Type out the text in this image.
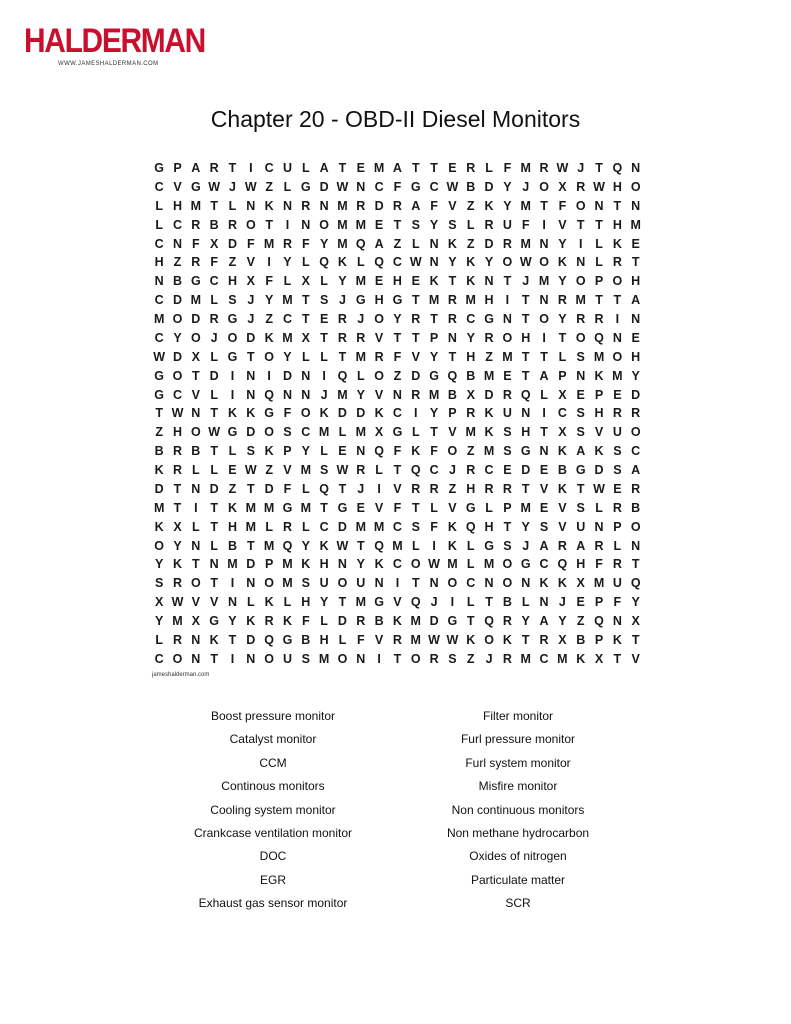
HALDERMAN
WWW.JAMESHALDERMAN.COM
Chapter 20 - OBD-II Diesel Monitors
G P A R T	I C U L A T E M A T T E R L F M R W J T Q N
C V G W J W Z L G D W N C F G C W B D Y J O X R W H O
L H M T L N K N R N M R D R A F V Z K Y M T F O N T N
L C R B R O T	I N O M M E T S Y S L R U F	I V T T H M
C N F X D F M R F Y M Q A Z L N K Z D R M N Y I	L K E
H Z R F Z V I Y L Q K L Q C W N Y K Y O W O K N L R T
N B G C H X F L X L Y M E H E K T K N T J M Y O P O H
C D M L S J Y M T S J G H G T M R M H I	T N R M T T A
M O D R G J Z C T E R J O Y R T R C G N T O Y R R I N
C Y O J O D K M X T R R V T T P N Y R O H I	T O Q N E
W D X L G T O Y L L T M R F V Y T H Z M T T L S M O H
G O T D I N I D N I Q L O Z D G Q B M E T A P N K M Y
G C V L	I N Q N N J M Y V N R M B X D R Q L X E P E D
T W N T K K G F O K D D K C I Y P R K U N I C S H R R
Z H O W G D O S C M L M X G L T V M K S H T X S V U O
B R B T L S K P Y L E N Q F K F O Z M S G N K A K S C
K R L L E W Z V M S W R L T Q C J R C E D E B G D S A
D T N D Z T D F L Q T J	I V R R Z H R R T V K T W E R
M T	I	T K M M G M T G E V F T L V G L P M E V S L R B
K X L T H M L R L C D M M C S F K Q H T Y S V U N P O
O Y N L B T M Q Y K W T Q M L	I K L G S J A R A R L N
Y K T N M D P M K H N Y K C O W M L M O G C Q H F R T
S R O T	I N O M S U O U N I	T N O C N O N K K X M U Q
X W V V N L K L H Y T M G V Q J	I	L T B L N J E P F Y
Y M X G Y K R K F L D R B K M D G T Q R Y A Y Z Q N X
L R N K T D Q G B H L F V R M W W K O K T R X B P K T
C O N T	I N O U S M O N I	T O R S Z J R M C M K X T V
jameshalderman.com
Boost pressure monitor
Catalyst monitor
CCM
Continous monitors
Cooling system monitor
Crankcase ventilation monitor
DOC
EGR
Exhaust gas sensor monitor
Filter monitor
Furl pressure monitor
Furl system monitor
Misfire monitor
Non continuous monitors
Non methane hydrocarbon
Oxides of nitrogen
Particulate matter
SCR
